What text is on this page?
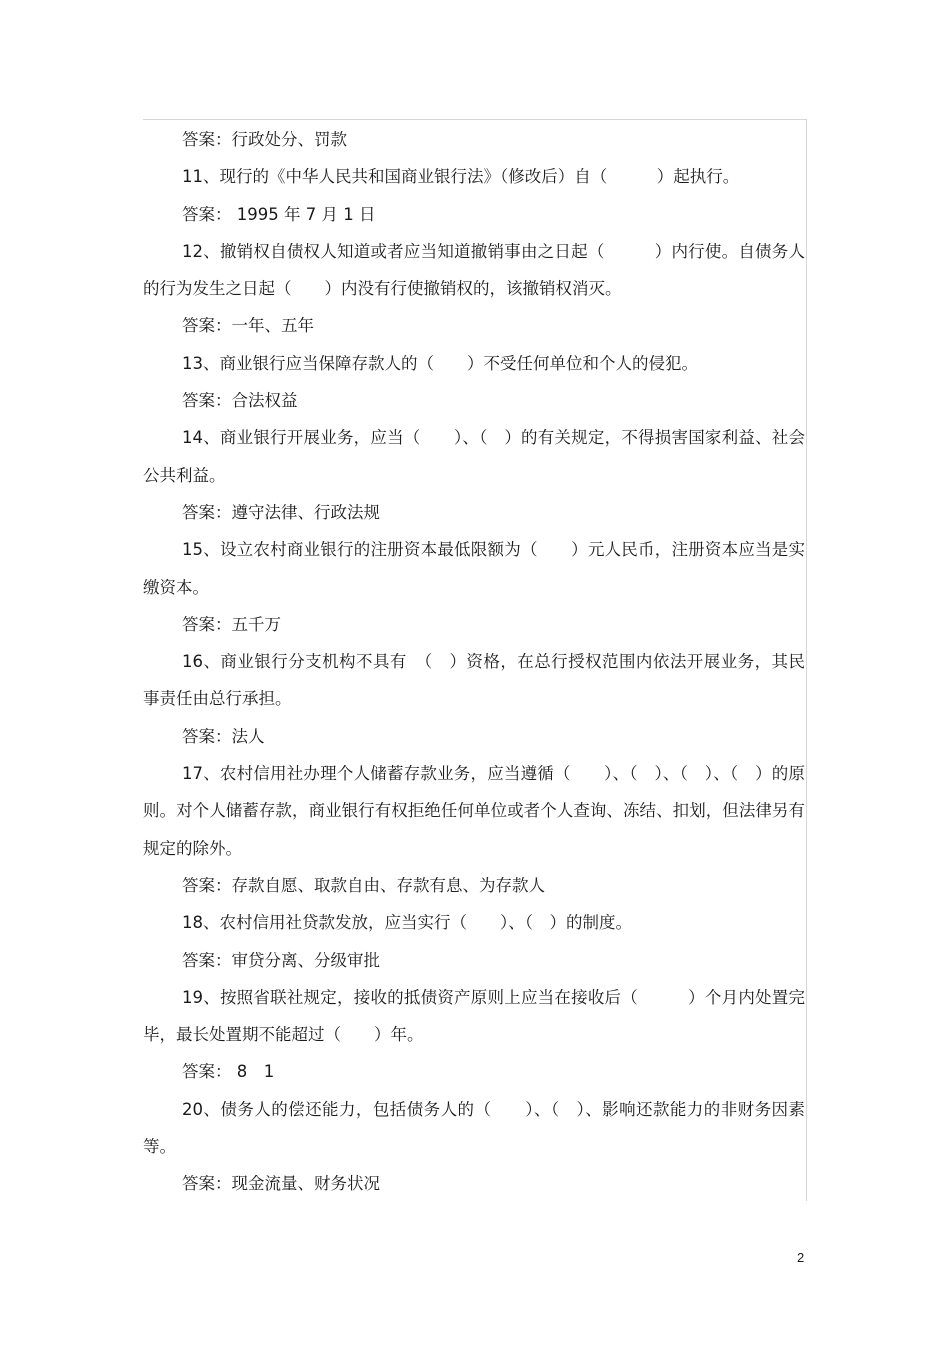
答案：行政处分、罚款

11、现行的《中华人民共和国商业银行法》（修改后）自（　　　）起执行。

答案： 1995 年 7 月 1 日

12、撤销权自债权人知道或者应当知道撤销事由之日起（　　　）内行使。自债务人的行为发生之日起（　　）内没有行使撤销权的，该撤销权消灭。

答案：一年、五年

13、商业银行应当保障存款人的（　　）不受任何单位和个人的侵犯。

答案：合法权益

14、商业银行开展业务，应当（　　）、（　）的有关规定，不得损害国家利益、社会公共利益。

答案：遵守法律、行政法规

15、设立农村商业银行的注册资本最低限额为（　　）元人民币，注册资本应当是实缴资本。

答案：五千万

16、商业银行分支机构不具有　（　）资格，在总行授权范围内依法开展业务，其民事责任由总行承担。

答案：法人

17、农村信用社办理个人储蓄存款业务，应当遵循（　　）、（　）、（　）、（　）的原则。对个人储蓄存款，商业银行有权拒绝任何单位或者个人查询、冻结、扣划，但法律另有规定的除外。

答案：存款自愿、取款自由、存款有息、为存款人

18、农村信用社贷款发放，应当实行（　　）、（　）的制度。

答案：审贷分离、分级审批

19、按照省联社规定，接收的抵债资产原则上应当在接收后（　　　）个月内处置完毕，最长处置期不能超过（　　）年。

答案： 8　1

20、债务人的偿还能力，包括债务人的（　　）、（　）、影响还款能力的非财务因素等。

答案：现金流量、财务状况

2
